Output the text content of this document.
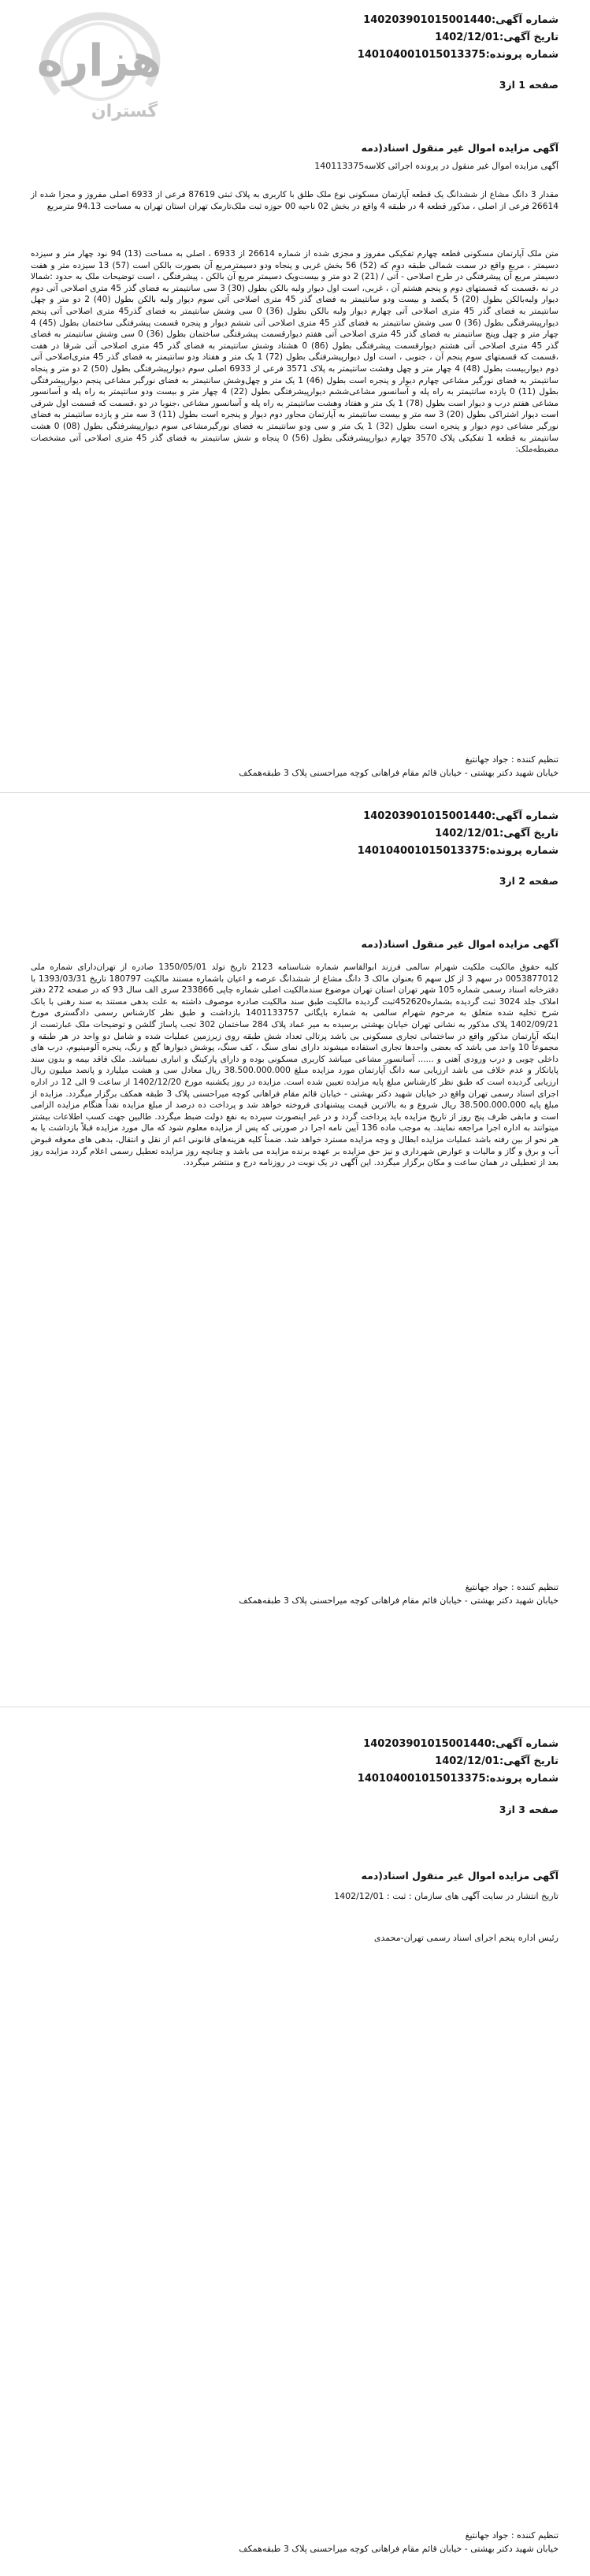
هزاره
گستران
شماره آگهی:140203901015001440
تاریخ آگهی:1402/12/01
شماره پرونده:140104001015013375
صفحه 1 از3
آگهی مزایده اموال غیر منقول اسناد(دمه
آگهی مزایده اموال غیر منقول در پرونده اجرائی کلاسه140113375
مقدار 3 دانگ مشاع از ششدانگ یک قطعه آپارتمان مسکونی نوع ملک طلق با کاربری به پلاک ثبتی 87619 فرعی از 6933 اصلی مفروز و مجزا شده از 26614 فرعی از اصلی ، مذکور قطعه 4 در طبقه 4 واقع در بخش 02 ناحیه 00 حوزه ثبت ملک‌تارمک تهران استان تهران به مساحت 94.13 مترمربع
متن ملک آپارتمان مسکونی قطعه چهارم تفکیکی مفروز و مجزی شده از شماره 26614 از 6933 ، اصلی به مساحت (13) 94 نود چهار متر و سیزده دسیمتر ، مربع واقع در سمت شمالی طبقه دوم که (52) 56 بخش غربی و پنجاه ودو دسیمترمربع آن بصورت بالکن است (57) 13 سیزده متر و هفت دسیمتر مربع آن پیشرفتگی در طرح اصلاحی - آتی / (21) 2 دو متر و بیست‌ویک دسیمتر مربع آن بالکن ، پیشرفتگی ، است توضیحات ملک به حدود :شمالا در نه ،قسمت که قسمتهای دوم و پنجم هشتم آن ، غربی، است اول دیوار ولبه بالکن بطول (30) 3 سی سانتیمتر به فضای گذر 45 متری اصلاحی آتی دوم دیوار ولبه‌بالکن بطول (20) 5 یکصد و بیست ودو سانتیمتر به فضای گذر 45 متری اصلاحی آتی سوم دیوار ولبه بالکن بطول (40) 2 دو متر و چهل سانتیمتر به فضای گذر 45 متری اصلاحی آتی چهارم دیوار ولبه بالکن بطول (36) 0 سی وشش سانتیمتر به فضای گذر45 متری اصلاحی آتی پنجم دیوارپیشرفتگی بطول (36) 0 سی وشش سانتیمتر به فضای گذر 45 متری اصلاحی آتی ششم دیوار و پنجره قسمت پیشرفتگی ساختمان بطول (45) 4 چهار متر و چهل وپنج سانتیمتر به فضای گذر 45 متری اصلاحی آتی هفتم دیوارقسمت پیشرفتگی ساختمان بطول (36) 0 سی وشش سانتیمتر به فضای گذر 45 متری اصلاحی آتی هشتم دیوارقسمت پیشرفتگی بطول (86) 0 هشتاد وشش سانتیمتر به فضای گذر 45 متری اصلاحی آتی شرقا در هفت ،قسمت که قسمتهای سوم پنجم آن ، جنوبی ، است اول دیوارپیشرفتگی بطول (72) 1 یک متر و هفتاد ودو سانتیمتر به فضای گذر 45 متری‌اصلاحی آتی دوم دیواربیست بطول (48) 4 چهار متر و چهل وهشت سانتیمتر به پلاک 3571 فرعی از 6933 اصلی سوم دیوارپیشرفتگی بطول (50) 2 دو متر و پنجاه سانتیمتر به فضای نورگیر مشاعی چهارم دیوار و پنجره است بطول (46) 1 یک متر و چهل‌وشش سانتیمتر به فضای نورگیر مشاعی پنجم دیوارپیشرفتگی بطول (11) 0 یازده سانتیمتر به راه پله و آسانسور مشاعی‌ششم دیوارپیشرفتگی بطول (22) 4 چهار متر و بیست ودو سانتیمتر به راه پله و آسانسور مشاعی هفتم درب و دیوار است بطول (78) 1 یک متر و هفتاد وهشت سانتیمتر به راه پله و آسانسور مشاعی ،جنوبا در دو ،قسمت که قسمت اول شرقی است دیوار اشتراکی بطول (20) 3 سه متر و بیست سانتیمتر به آپارتمان مجاور دوم دیوار و پنجره است بطول (11) 3 سه متر و یازده سانتیمتر به فضای نورگیر مشاعی دوم دیوار و پنجره است بطول (32) 1 یک متر و سی ودو سانتیمتر به فضای نورگیرمشاعی سوم دیوارپیشرفتگی بطول (08) 0 هشت سانتیمتر به قطعه 1 تفکیکی پلاک 3570 چهارم دیوارپیشرفتگی بطول (56) 0 پنجاه و شش سانتیمتر به فضای گذر 45 متری اصلاحی آتی مشخصات مضبطه‌ملک:
تنظیم کننده : جواد جهانتیغ
خیابان شهید دکتر بهشتی - خیابان قائم مقام فراهانی کوچه میراحسنی پلاک 3 طبقه‌همکف
شماره آگهی:140203901015001440
تاریخ آگهی:1402/12/01
شماره پرونده:140104001015013375
صفحه 2 از3
آگهی مزایده اموال غیر منقول اسناد(دمه
کلیه حقوق مالکیت ملکیت شهرام سالمی فرزند ابوالقاسم شماره شناسنامه 2123 تاریخ تولد 1350/05/01 صادره از تهران‌دارای شماره ملی 0053877012 در سهم 3 از کل سهم 6 بعنوان مالک 3 دانگ مشاع از ششدانگ عرصه و اعیان باشماره مستند مالکیت 180797 تاریخ 1393/03/31 با دفترخانه اسناد رسمی شماره 105 شهر تهران استان تهران موضوع سندمالکیت اصلی شماره چاپی 233866 سری الف سال 93 که در صفحه 272 دفتر املاک جلد 3024 ثبت گردیده بشماره452620ثبت گردیده مالکیت طبق سند مالکیت صادره موصوف داشته به علت بدهی مستند به سند رهنی با بانک شرح تخلیه شده متعلق به مرحوم شهرام سالمی به شماره بایگانی 1401133757 بازداشت و طبق نظر کارشناس رسمی دادگستری مورخ 1402/09/21 پلاک مذکور به نشانی تهران خیابان بهشتی برسیده به میر عماد پلاک 284 ساختمان 302 تجب پاساژ گلشن و توضیحات ملک عبارتست از اینکه آپارتمان مذکور واقع در ساختمانی تجاری مسکونی بی باشد پرتالی تعداد شش طبقه روی زیرزمین عملیات شده و شامل دو واحد در هر طبقه و مجموعاً 10 واحد می باشد که بعضی واحدها تجاری استفاده میشوند دارای نمای سنگ ، کف سنگ، پوشش دیوارها گچ و رنگ، پنجره آلومینیوم، درب های داخلی چوبی و درب ورودی آهنی و ...... آسانسور مشاعی میباشد کاربری مسکونی بوده و دارای پارکینگ و انباری نمیباشد. ملک فاقد بیمه و بدون سند پایانکار و عدم خلاف می باشد ارزیابی سه دانگ آپارتمان مورد مزایده مبلغ 38.500.000.000 ریال معادل سی و هشت میلیارد و پانصد میلیون ریال ارزیابی گردیده است که طبق نظر کارشناس مبلغ پایه مزایده تعیین شده است. مزایده در روز یکشنبه مورخ 1402/12/20 از ساعت 9 الی 12 در اداره اجرای اسناد رسمی تهران واقع در خیابان شهید دکتر بهشتی - خیابان قائم مقام فراهانی کوچه میراحسنی پلاک 3 طبقه همکف برگزار میگردد. مزایده از مبلغ پایه 38.500.000.000 ریال شروع و به بالاترین قیمت پیشنهادی فروخته خواهد شد و پرداخت ده درصد از مبلغ مزایده نقداً هنگام مزایده الزامی است و مابقی ظرف پنج روز از تاریخ مزایده باید پرداخت گردد و در غیر اینصورت سپرده به نفع دولت ضبط میگردد. طالبین جهت کسب اطلاعات بیشتر میتوانند به اداره اجرا مراجعه نمایند. به موجب ماده 136 آیین نامه اجرا در صورتی که پس از مزایده معلوم شود که مال مورد مزایده قبلاً بازداشت یا به هر نحو از بین رفته باشد عملیات مزایده ابطال و وجه مزایده مسترد خواهد شد. ضمناً کلیه هزینه‌های قانونی اعم از نقل و انتقال، بدهی های معوقه قبوض آب و برق و گاز و مالیات و عوارض شهرداری و نیز حق مزایده بر عهده برنده مزایده می باشد و چنانچه روز مزایده تعطیل رسمی اعلام گردد مزایده روز بعد از تعطیلی در همان ساعت و مکان برگزار میگردد. این آگهی در یک نوبت در روزنامه درج و منتشر میگردد.
تنظیم کننده : جواد جهانتیغ
خیابان شهید دکتر بهشتی - خیابان قائم مقام فراهانی کوچه میراحسنی پلاک 3 طبقه‌همکف
شماره آگهی:140203901015001440
تاریخ آگهی:1402/12/01
شماره پرونده:140104001015013375
صفحه 3 از3
آگهی مزایده اموال غیر منقول اسناد(دمه
تاریخ انتشار در سایت آگهی های سازمان : ثبت : 1402/12/01
رئیس اداره پنجم اجرای اسناد رسمی تهران-محمدی
تنظیم کننده : جواد جهانتیغ
خیابان شهید دکتر بهشتی - خیابان قائم مقام فراهانی کوچه میراحسنی پلاک 3 طبقه‌همکف
